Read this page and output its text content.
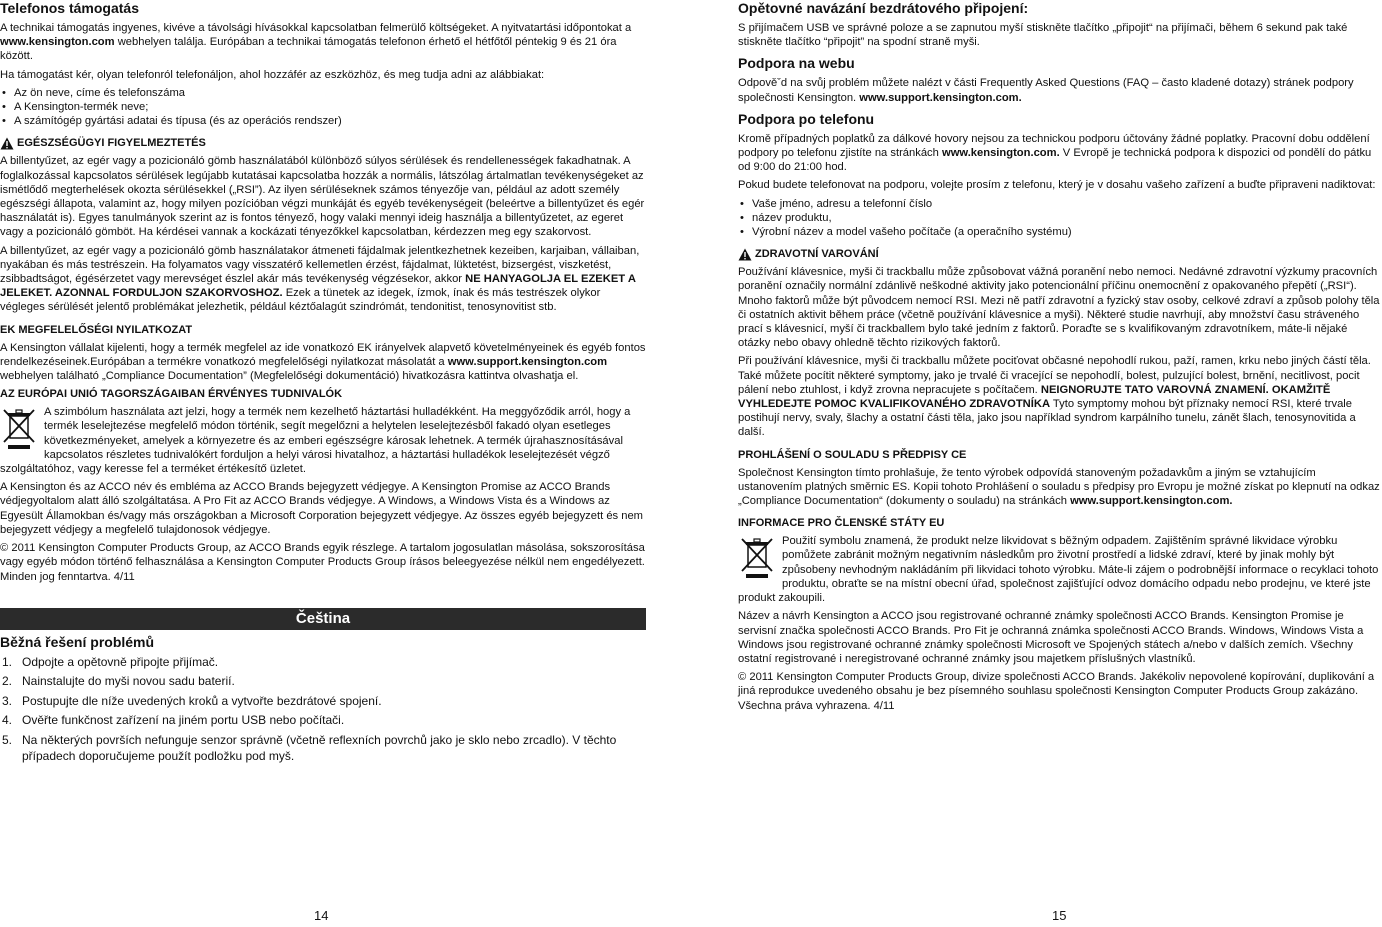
Telefonos támogatás

A technikai támogatás ingyenes, kivéve a távolsági hívásokkal kapcsolatban felmerülő költségeket. A nyitvatartási időpontokat a www.kensington.com webhelyen találja. Európában a technikai támogatás telefonon érhető el hétfőtől péntekig 9 és 21 óra között.

Ha támogatást kér, olyan telefonról telefonáljon, ahol hozzáfér az eszközhöz, és meg tudja adni az alábbiakat:

• Az ön neve, címe és telefonszáma
• A Kensington-termék neve;
• A számítógép gyártási adatai és típusa (és az operációs rendszer)
EGÉSZSÉGÜGYI FIGYELMEZTETÉS

A billentyűzet, az egér vagy a pozicionáló gömb használatából különböző súlyos sérülések és rendellenességek fakadhatnak. A foglalkozással kapcsolatos sérülések legújabb kutatásai kapcsolatba hozzák a normális, látszólag ártalmatlan tevékenységeket az ismétlődő megterhelések okozta sérülésekkel („RSI”). Az ilyen sérüléseknek számos tényezője van, például az adott személy egészségi állapota, valamint az, hogy milyen pozícióban végzi munkáját és egyéb tevékenységeit (beleértve a billentyűzet és egér használatát is). Egyes tanulmányok szerint az is fontos tényező, hogy valaki mennyi ideig használja a billentyűzetet, az egeret vagy a pozicionáló gömböt. Ha kérdései vannak a kockázati tényezőkkel kapcsolatban, kérdezzen meg egy szakorvost.

A billentyűzet, az egér vagy a pozicionáló gömb használatakor átmeneti fájdalmak jelentkezhetnek kezeiben, karjaiban, vállaiban, nyakában és más testrészein. Ha folyamatos vagy visszatérő kellemetlen érzést, fájdalmat, lüktetést, bizsergést, viszketést, zsibbadtságot, égésérzetet vagy merevséget észlel akár más tevékenység végzésekor, akkor NE HANYAGOLJA EL EZEKET A JELEKET. AZONNAL FORDULJON SZAKORVOSHOZ. Ezek a tünetek az idegek, ízmok, ínak és más testrészek olykor végleges sérülését jelentő problémákat jelezhetik, például kéztőalagút szindrómát, tendonitist, tenosynovitist stb.

EK MEGFELELŐSÉGI NYILATKOZAT

A Kensington vállalat kijelenti, hogy a termék megfelel az ide vonatkozó EK irányelvek alapvető követelményeinek és egyéb fontos rendelkezéseinek.Európában a termékre vonatkozó megfelelőségi nyilatkozat másolatát a www.support.kensington.com webhelyen található „Compliance Documentation” (Megfelelőségi dokumentáció) hivatkozásra kattintva olvashatja el.

AZ EURÓPAI UNIÓ TAGORSZÁGAIBAN ÉRVÉNYES TUDNIVALÓK

A szimbólum használata azt jelzi, hogy a termék nem kezelhető háztartási hulladékként. Ha meggyőződik arról, hogy a termék leselejtezése megfelelő módon történik, segít megelőzni a helytelen leselejtezésből fakadó olyan esetleges következményeket, amelyek a környezetre és az emberi egészségre károsak lehetnek. A termék újrahasznosításával kapcsolatos részletes tudnivalókért forduljon a helyi városi hivatalhoz, a háztartási hulladékok leselejtezését végző szolgáltatóhoz, vagy keresse fel a terméket értékesítő üzletet.

A Kensington és az ACCO név és embléma az ACCO Brands bejegyzett védjegye. A Kensington Promise az ACCO Brands védjegyoltalom alatt álló szolgáltatása. A Pro Fit az ACCO Brands védjegye. A Windows, a Windows Vista és a Windows az Egyesült Államokban és/vagy más országokban a Microsoft Corporation bejegyzett védjegye. Az összes egyéb bejegyzett és nem bejegyzett védjegy a megfelelő tulajdonosok védjegye.

© 2011 Kensington Computer Products Group, az ACCO Brands egyik részlege. A tartalom jogosulatlan másolása, sokszorosítása vagy egyéb módon történő felhasználása a Kensington Computer Products Group írásos beleegyezése nélkül nem engedélyezett. Minden jog fenntartva. 4/11

Čeština

Běžná řešení problémů

1. Odpojte a opětovně připojte přijímač.
2. Nainstalujte do myši novou sadu baterií.
3. Postupujte dle níže uvedených kroků a vytvořte bezdrátové spojení.
4. Ověřte funkčnost zařízení na jiném portu USB nebo počítači.
5. Na některých površích nefunguje senzor správně (včetně reflexních povrchů jako je sklo nebo zrcadlo). V těchto případech doporučujeme použít podložku pod myš.
14

Opětovné navázání bezdrátového připojení:

S přijímačem USB ve správné poloze a se zapnutou myší stiskněte tlačítko „připojit“ na přijímači, během 6 sekund pak také stiskněte tlačítko “připojit” na spodní straně myši.

Podpora na webu

Odpověˇd na svůj problém můžete nalézt v části Frequently Asked Questions (FAQ – často kladené dotazy) stránek podpory společnosti Kensington. www.support.kensington.com.

Podpora po telefonu

Kromě případných poplatků za dálkové hovory nejsou za technickou podporu účtovány žádné poplatky. Pracovní dobu oddělení podpory po telefonu zjistíte na stránkách www.kensington.com. V Evropě je technická podpora k dispozici od pondělí do pátku od 9:00 do 21:00 hod.

Pokud budete telefonovat na podporu, volejte prosím z telefonu, který je v dosahu vašeho zařízení a buďte připraveni nadiktovat:

• Vaše jméno, adresu a telefonní číslo
• název produktu,
• Výrobní název a model vašeho počítače (a operačního systému)
ZDRAVOTNÍ VAROVÁNÍ

Používání klávesnice, myši či trackballu může způsobovat vážná poranění nebo nemoci. Nedávné zdravotní výzkumy pracovních poranění označily normální zdánlivě neškodné aktivity jako potencionální příčinu onemocnění z opakovaného přepětí („RSI“). Mnoho faktorů může být původcem nemocí RSI. Mezi ně patří zdravotní a fyzický stav osoby, celkové zdraví a způsob polohy těla či ostatních aktivit během práce (včetně používání klávesnice a myši). Některé studie navrhují, aby množství času stráveného prací s klávesnicí, myší či trackballem bylo také jedním z faktorů. Poraďte se s kvalifikovaným zdravotníkem, máte-li nějaké otázky nebo obavy ohledně těchto rizikových faktorů.

Při používání klávesnice, myši či trackballu můžete pociťovat občasné nepohodlí rukou, paží, ramen, krku nebo jiných částí těla. Také můžete pocítit některé symptomy, jako je trvalé či vracející se nepohodlí, bolest, pulzující bolest, brnění, necitlivost, pocit pálení nebo ztuhlost, i když zrovna nepracujete s počítačem. NEIGNORUJTE TATO VAROVNÁ ZNAMENÍ. OKAMŽITĚ VYHLEDEJTE POMOC KVALIFIKOVANÉHO ZDRAVOTNÍKA Tyto symptomy mohou být příznaky nemocí RSI, které trvale postihují nervy, svaly, šlachy a ostatní části těla, jako jsou například syndrom karpálního tunelu, zánět šlach, tenosynovitida a další.

PROHLÁŠENÍ O SOULADU S PŘEDPISY CE

Společnost Kensington tímto prohlašuje, že tento výrobek odpovídá stanoveným požadavkům a jiným se vztahujícím ustanovením platných směrnic ES. Kopii tohoto Prohlášení o souladu s předpisy pro Evropu je možné získat po klepnutí na odkaz „Compliance Documentation“ (dokumenty o souladu) na stránkách www.support.kensington.com.

INFORMACE PRO ČLENSKÉ STÁTY EU

Použití symbolu znamená, že produkt nelze likvidovat s běžným odpadem. Zajištěním správné likvidace výrobku pomůžete zabránit možným negativním následkům pro životní prostředí a lidské zdraví, které by jinak mohly být způsobeny nevhodným nakládáním při likvidaci tohoto výrobku. Máte-li zájem o podrobnější informace o recyklaci tohoto produktu, obraťte se na místní obecní úřad, společnost zajišťující odvoz domácího odpadu nebo prodejnu, ve které jste produkt zakoupili.

Název a návrh Kensington a ACCO jsou registrované ochranné známky společnosti ACCO Brands. Kensington Promise je servisní značka společnosti ACCO Brands. Pro Fit je ochranná známka společnosti ACCO Brands. Windows, Windows Vista a Windows jsou registrované ochranné známky společnosti Microsoft ve Spojených státech a/nebo v dalších zemích. Všechny ostatní registrované i neregistrované ochranné známky jsou majetkem příslušných vlastníků.

© 2011 Kensington Computer Products Group, divize společnosti ACCO Brands. Jakékoliv nepovolené kopírování, duplikování a jiná reprodukce uvedeného obsahu je bez písemného souhlasu společnosti Kensington Computer Products Group zakázáno. Všechna práva vyhrazena. 4/11

15
